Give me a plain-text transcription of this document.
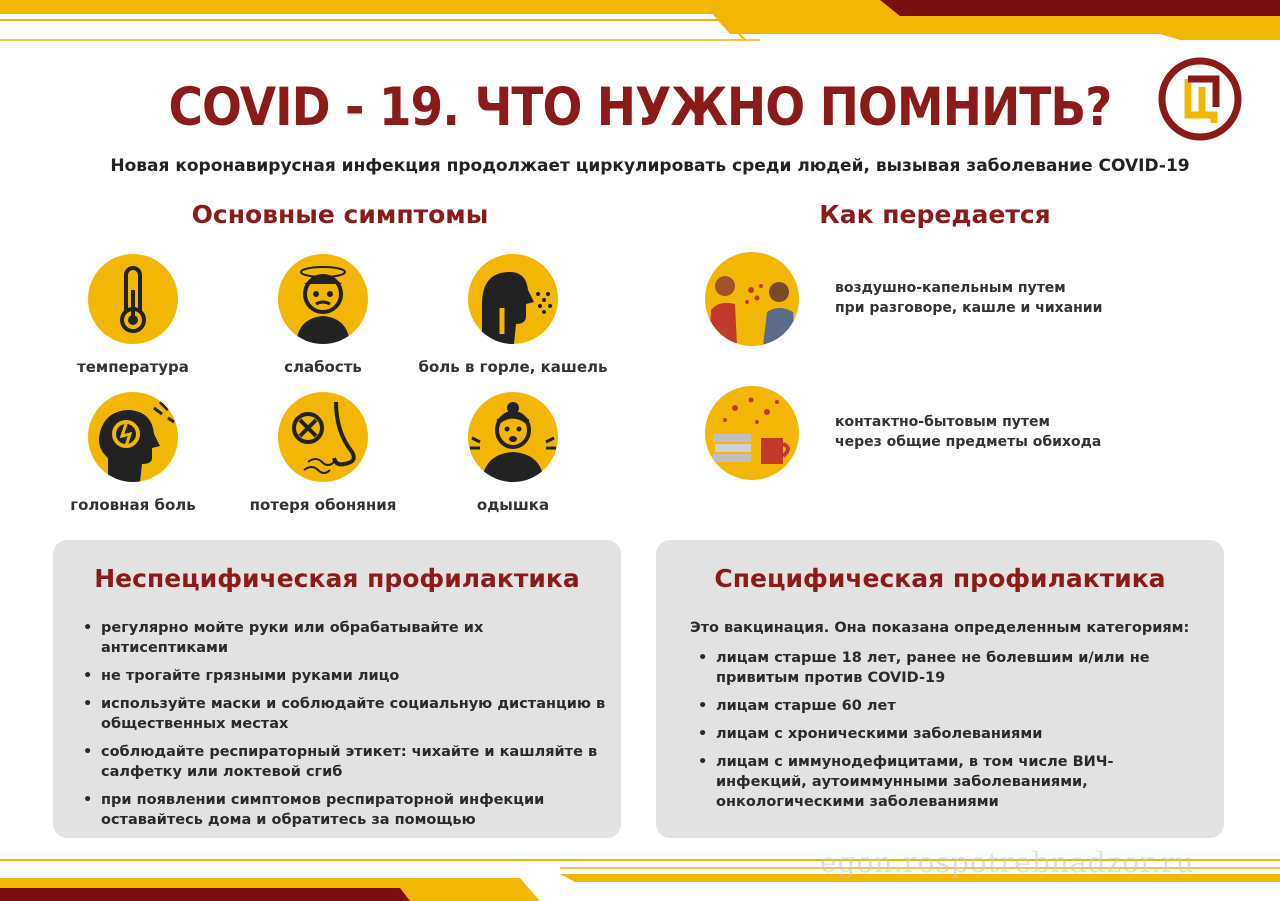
COVID - 19. ЧТО НУЖНО ПОМНИТЬ?
Новая коронавирусная инфекция продолжает циркулировать среди людей, вызывая заболевание COVID-19
Основные симптомы
температура	слабость	боль в горле, кашель
головная боль	потеря обоняния	одышка
Как передается
воздушно-капельным путем
при разговоре, кашле и чихании
контактно-бытовым путем
через общие предметы обихода
Неспецифическая профилактика
• регулярно мойте руки или обрабатывайте их антисептиками
• не трогайте грязными руками лицо
• используйте маски и соблюдайте социальную дистанцию в общественных местах
• соблюдайте респираторный этикет: чихайте и кашляйте в салфетку или локтевой сгиб
• при появлении симптомов респираторной инфекции оставайтесь дома и обратитесь за помощью
Специфическая профилактика
Это вакцинация. Она показана определенным категориям:
• лицам старше 18 лет, ранее не болевшим и/или не привитым против COVID-19
• лицам старше 60 лет
• лицам с хроническими заболеваниями
• лицам с иммунодефицитами, в том числе ВИЧ-инфекций, аутоиммунными заболеваниями, онкологическими заболеваниями
egon.rospotrebnadzor.ru
